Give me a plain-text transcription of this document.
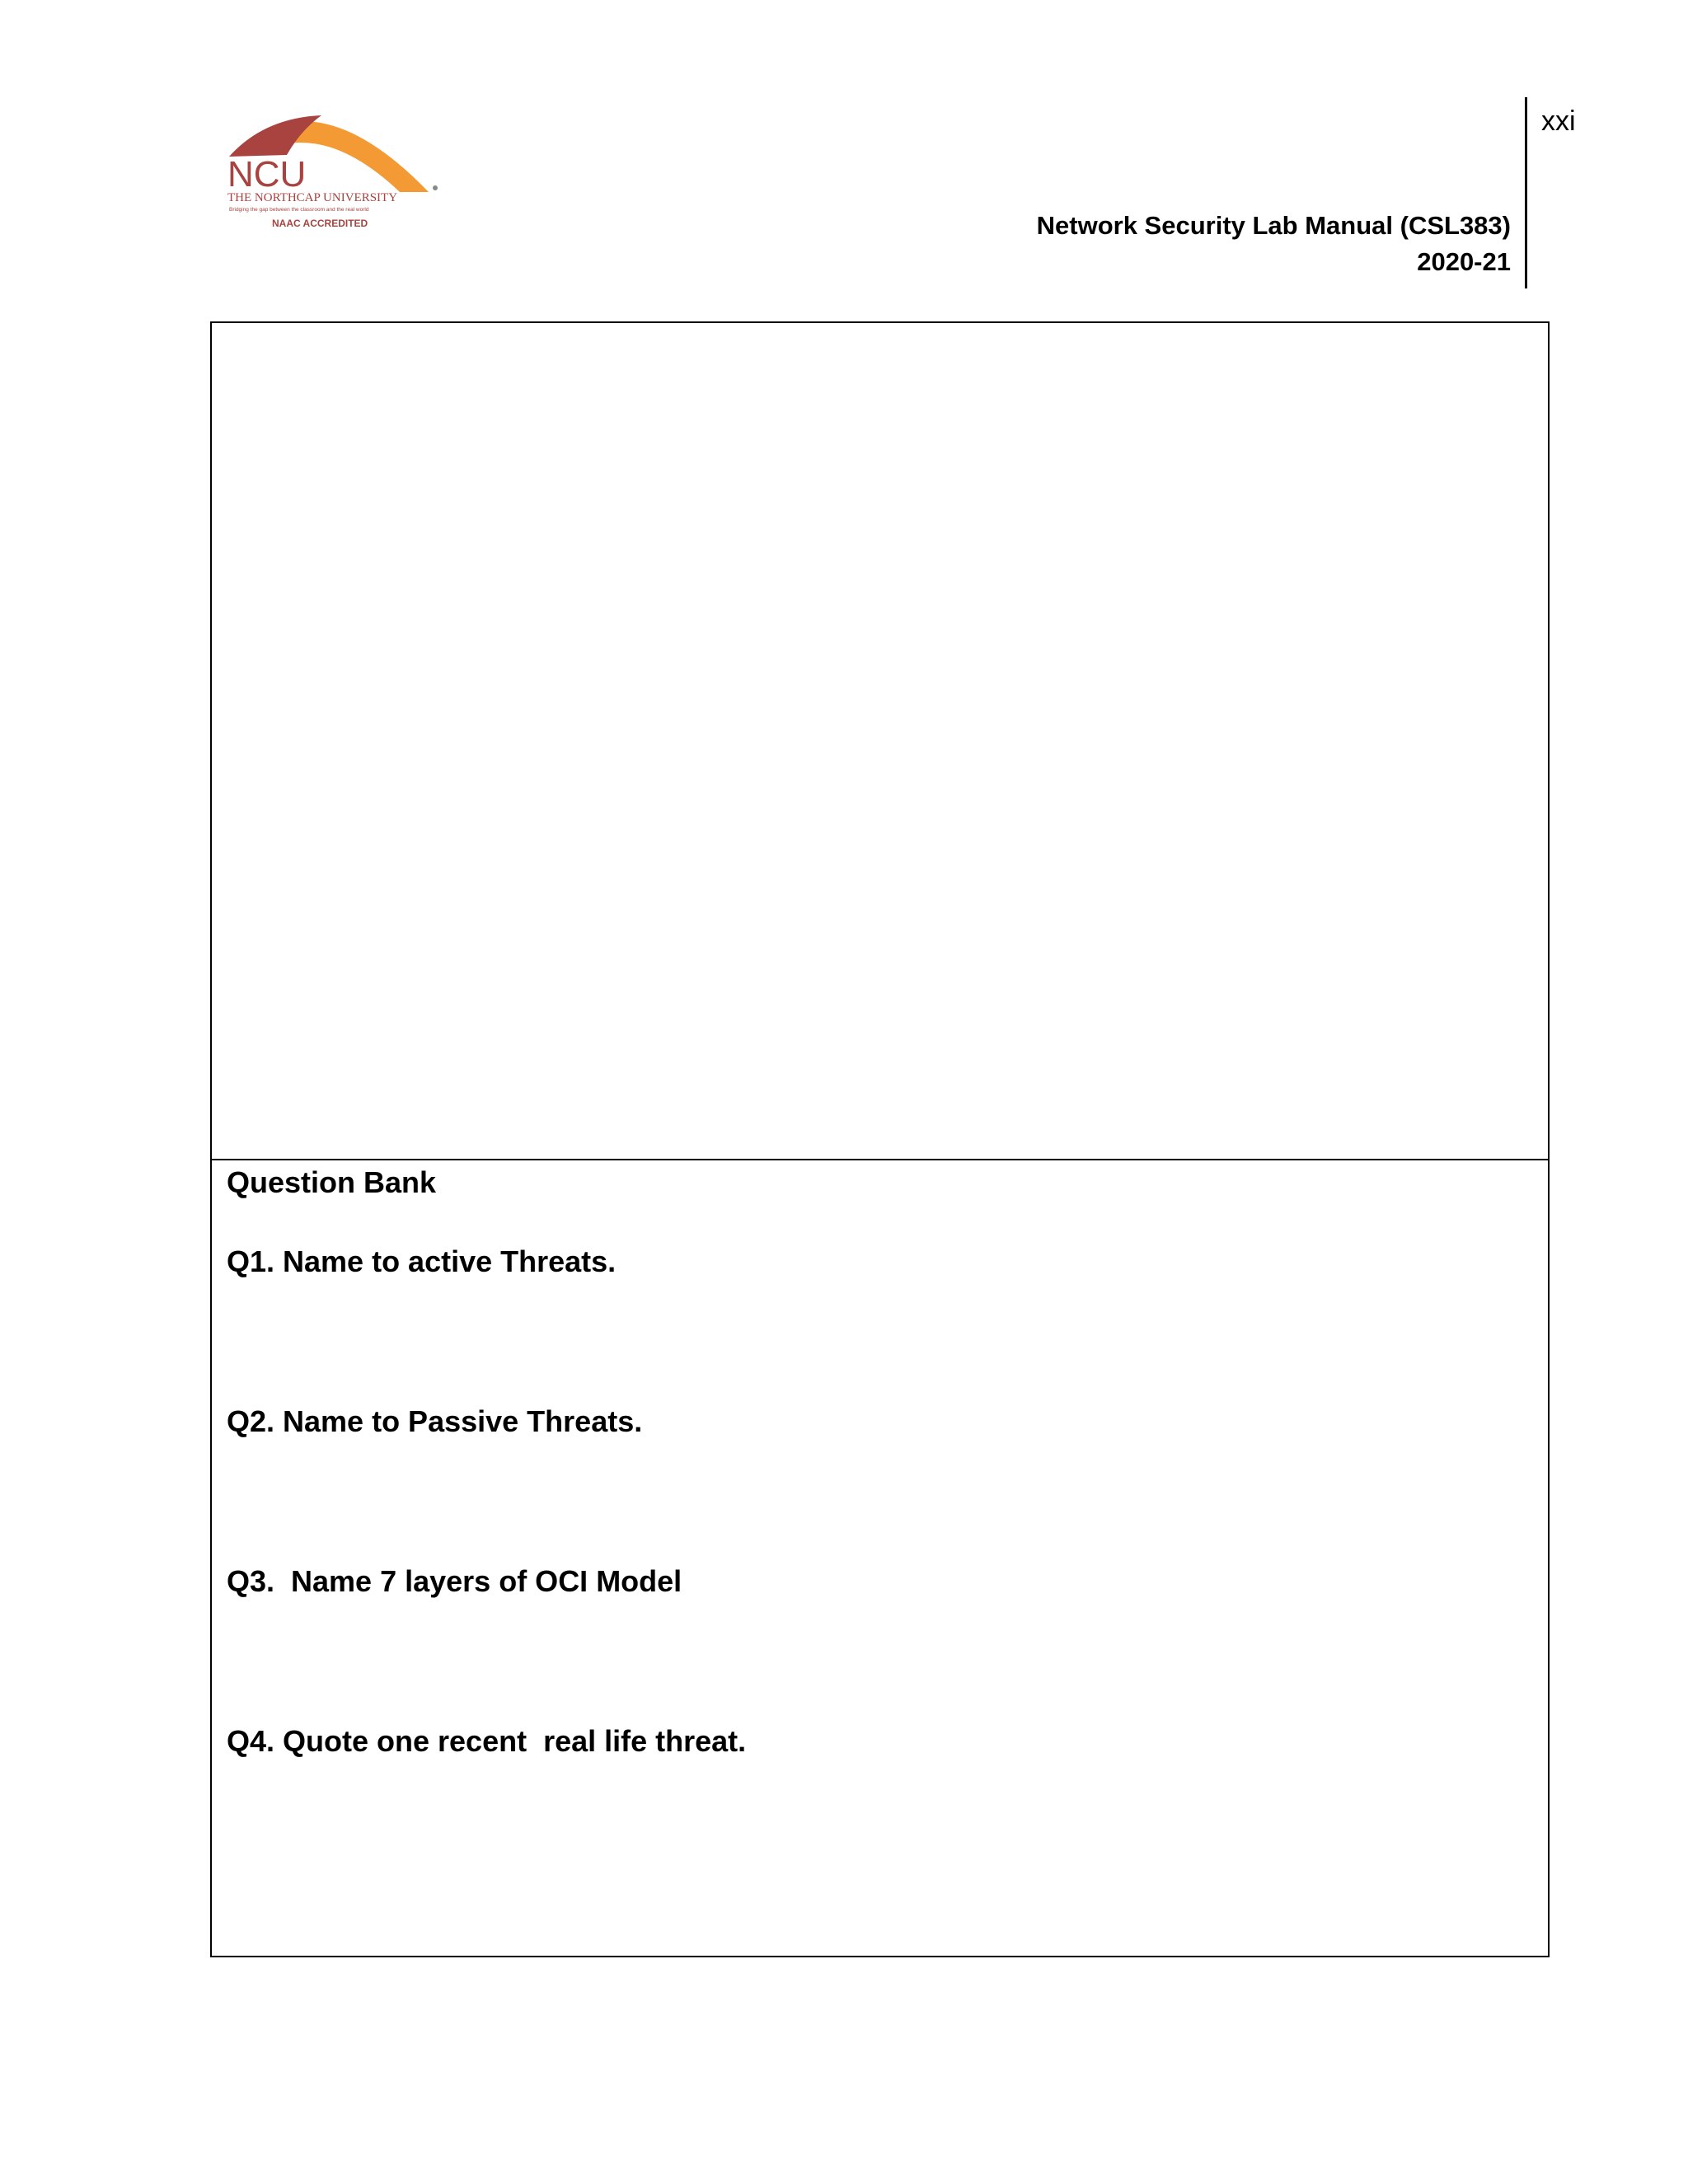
NCU
THE NORTHCAP UNIVERSITY
Bridging the gap between the classroom and the real world
NAAC ACCREDITED	Network Security Lab Manual (CSL383)
2020-21
xxi
Question Bank
Q1. Name to active Threats.
Q2. Name to Passive Threats.
Q3.  Name 7 layers of OCI Model
Q4. Quote one recent  real life threat.
